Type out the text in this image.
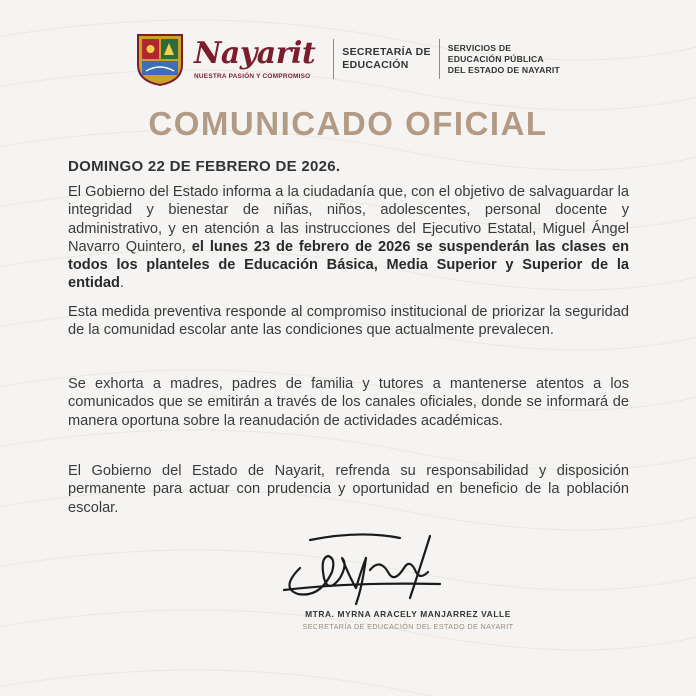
Nayarit
NUESTRA PASIÓN Y COMPROMISO
SECRETARÍA DE
EDUCACIÓN
SERVICIOS DE
EDUCACIÓN PÚBLICA
DEL ESTADO DE NAYARIT
COMUNICADO OFICIAL
DOMINGO 22 DE FEBRERO DE 2026.
El Gobierno del Estado informa a la ciudadanía que, con el objetivo de salvaguardar la integridad y bienestar de niñas, niños, adolescentes, personal docente y administrativo, y en atención a las instrucciones del Ejecutivo Estatal, Miguel Ángel Navarro Quintero, el lunes 23 de febrero de 2026 se suspenderán las clases en todos los planteles de Educación Básica, Media Superior y Superior de la entidad.
Esta medida preventiva responde al compromiso institucional de priorizar la seguridad de la comunidad escolar ante las condiciones que actualmente prevalecen.
Se exhorta a madres, padres de familia y tutores a mantenerse atentos a los comunicados que se emitirán a través de los canales oficiales, donde se informará de manera oportuna sobre la reanudación de actividades académicas.
El Gobierno del Estado de Nayarit, refrenda su responsabilidad y disposición permanente para actuar con prudencia y oportunidad en beneficio de la población escolar.
MTRA. MYRNA ARACELY MANJARREZ VALLE
SECRETARÍA DE EDUCACIÓN DEL ESTADO DE NAYARIT
